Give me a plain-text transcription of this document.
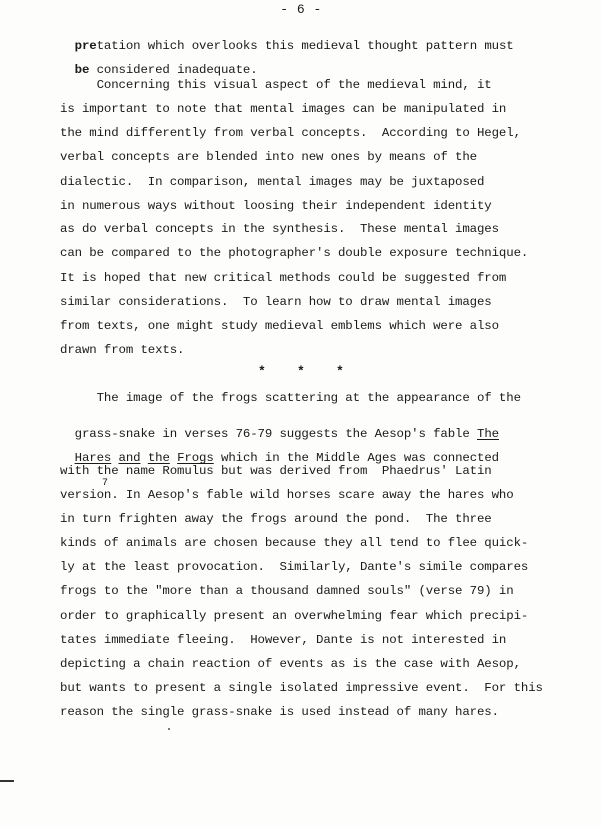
- 6 -

pretation which overlooks this medieval thought pattern must

be considered inadequate.

Concerning this visual aspect of the medieval mind, it
is important to note that mental images can be manipulated in
the mind differently from verbal concepts.  According to Hegel,
verbal concepts are blended into new ones by means of the
dialectic.  In comparison, mental images may be juxtaposed
in numerous ways without loosing their independent identity
as do verbal concepts in the synthesis.  These mental images
can be compared to the photographer's double exposure technique.
It is hoped that new critical methods could be suggested from
similar considerations.  To learn how to draw mental images
from texts, one might study medieval emblems which were also
drawn from texts.
*    *    *
The image of the frogs scattering at the appearance of the

grass-snake in verses 76-79 suggests the Aesop's fable The

Hares and the Frogs which in the Middle Ages was connected

with the name Romulus but was derived from  Phaedrus' Latin
7
version. In Aesop's fable wild horses scare away the hares who
in turn frighten away the frogs around the pond.  The three
kinds of animals are chosen because they all tend to flee quick-
ly at the least provocation.  Similarly, Dante's simile compares
frogs to the "more than a thousand damned souls" (verse 79) in
order to graphically present an overwhelming fear which precipi-
tates immediate fleeing.  However, Dante is not interested in
depicting a chain reaction of events as is the case with Aesop,
but wants to present a single isolated impressive event.  For this
reason the single grass-snake is used instead of many hares.
